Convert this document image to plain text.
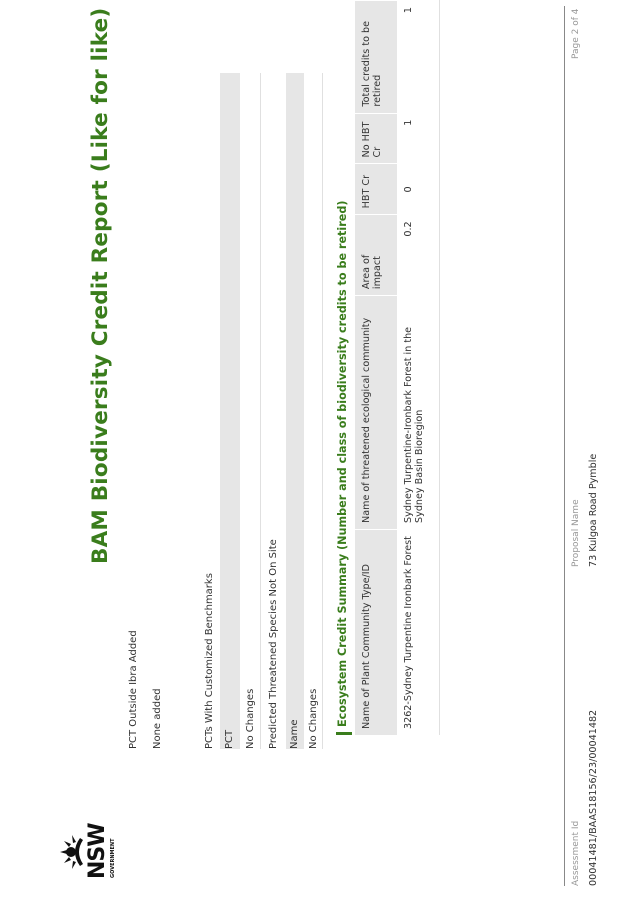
NSW GOVERNMENT
BAM Biodiversity Credit Report (Like for like)
PCT Outside Ibra Added None added	PCTs With Customized Benchmarks PCT No Changes Predicted Threatened Species Not On Site Name No Changes Ecosystem Credit Summary (Number and class of biodiversity credits to be retired) Name of Plant Community Type/ID	Name of threatened ecological community	Area of impact	HBT Cr	No HBT Cr	Total credits to be retired
3262-Sydney Turpentine Ironbark Forest	Sydney Turpentine-Ironbark Forest in the Sydney Basin Bioregion	0.2	0	1	1
Assessment Id 00041481/BAAS18156/23/00041482
Proposal Name 73 Kulgoa Road Pymble
Page 2 of 4
